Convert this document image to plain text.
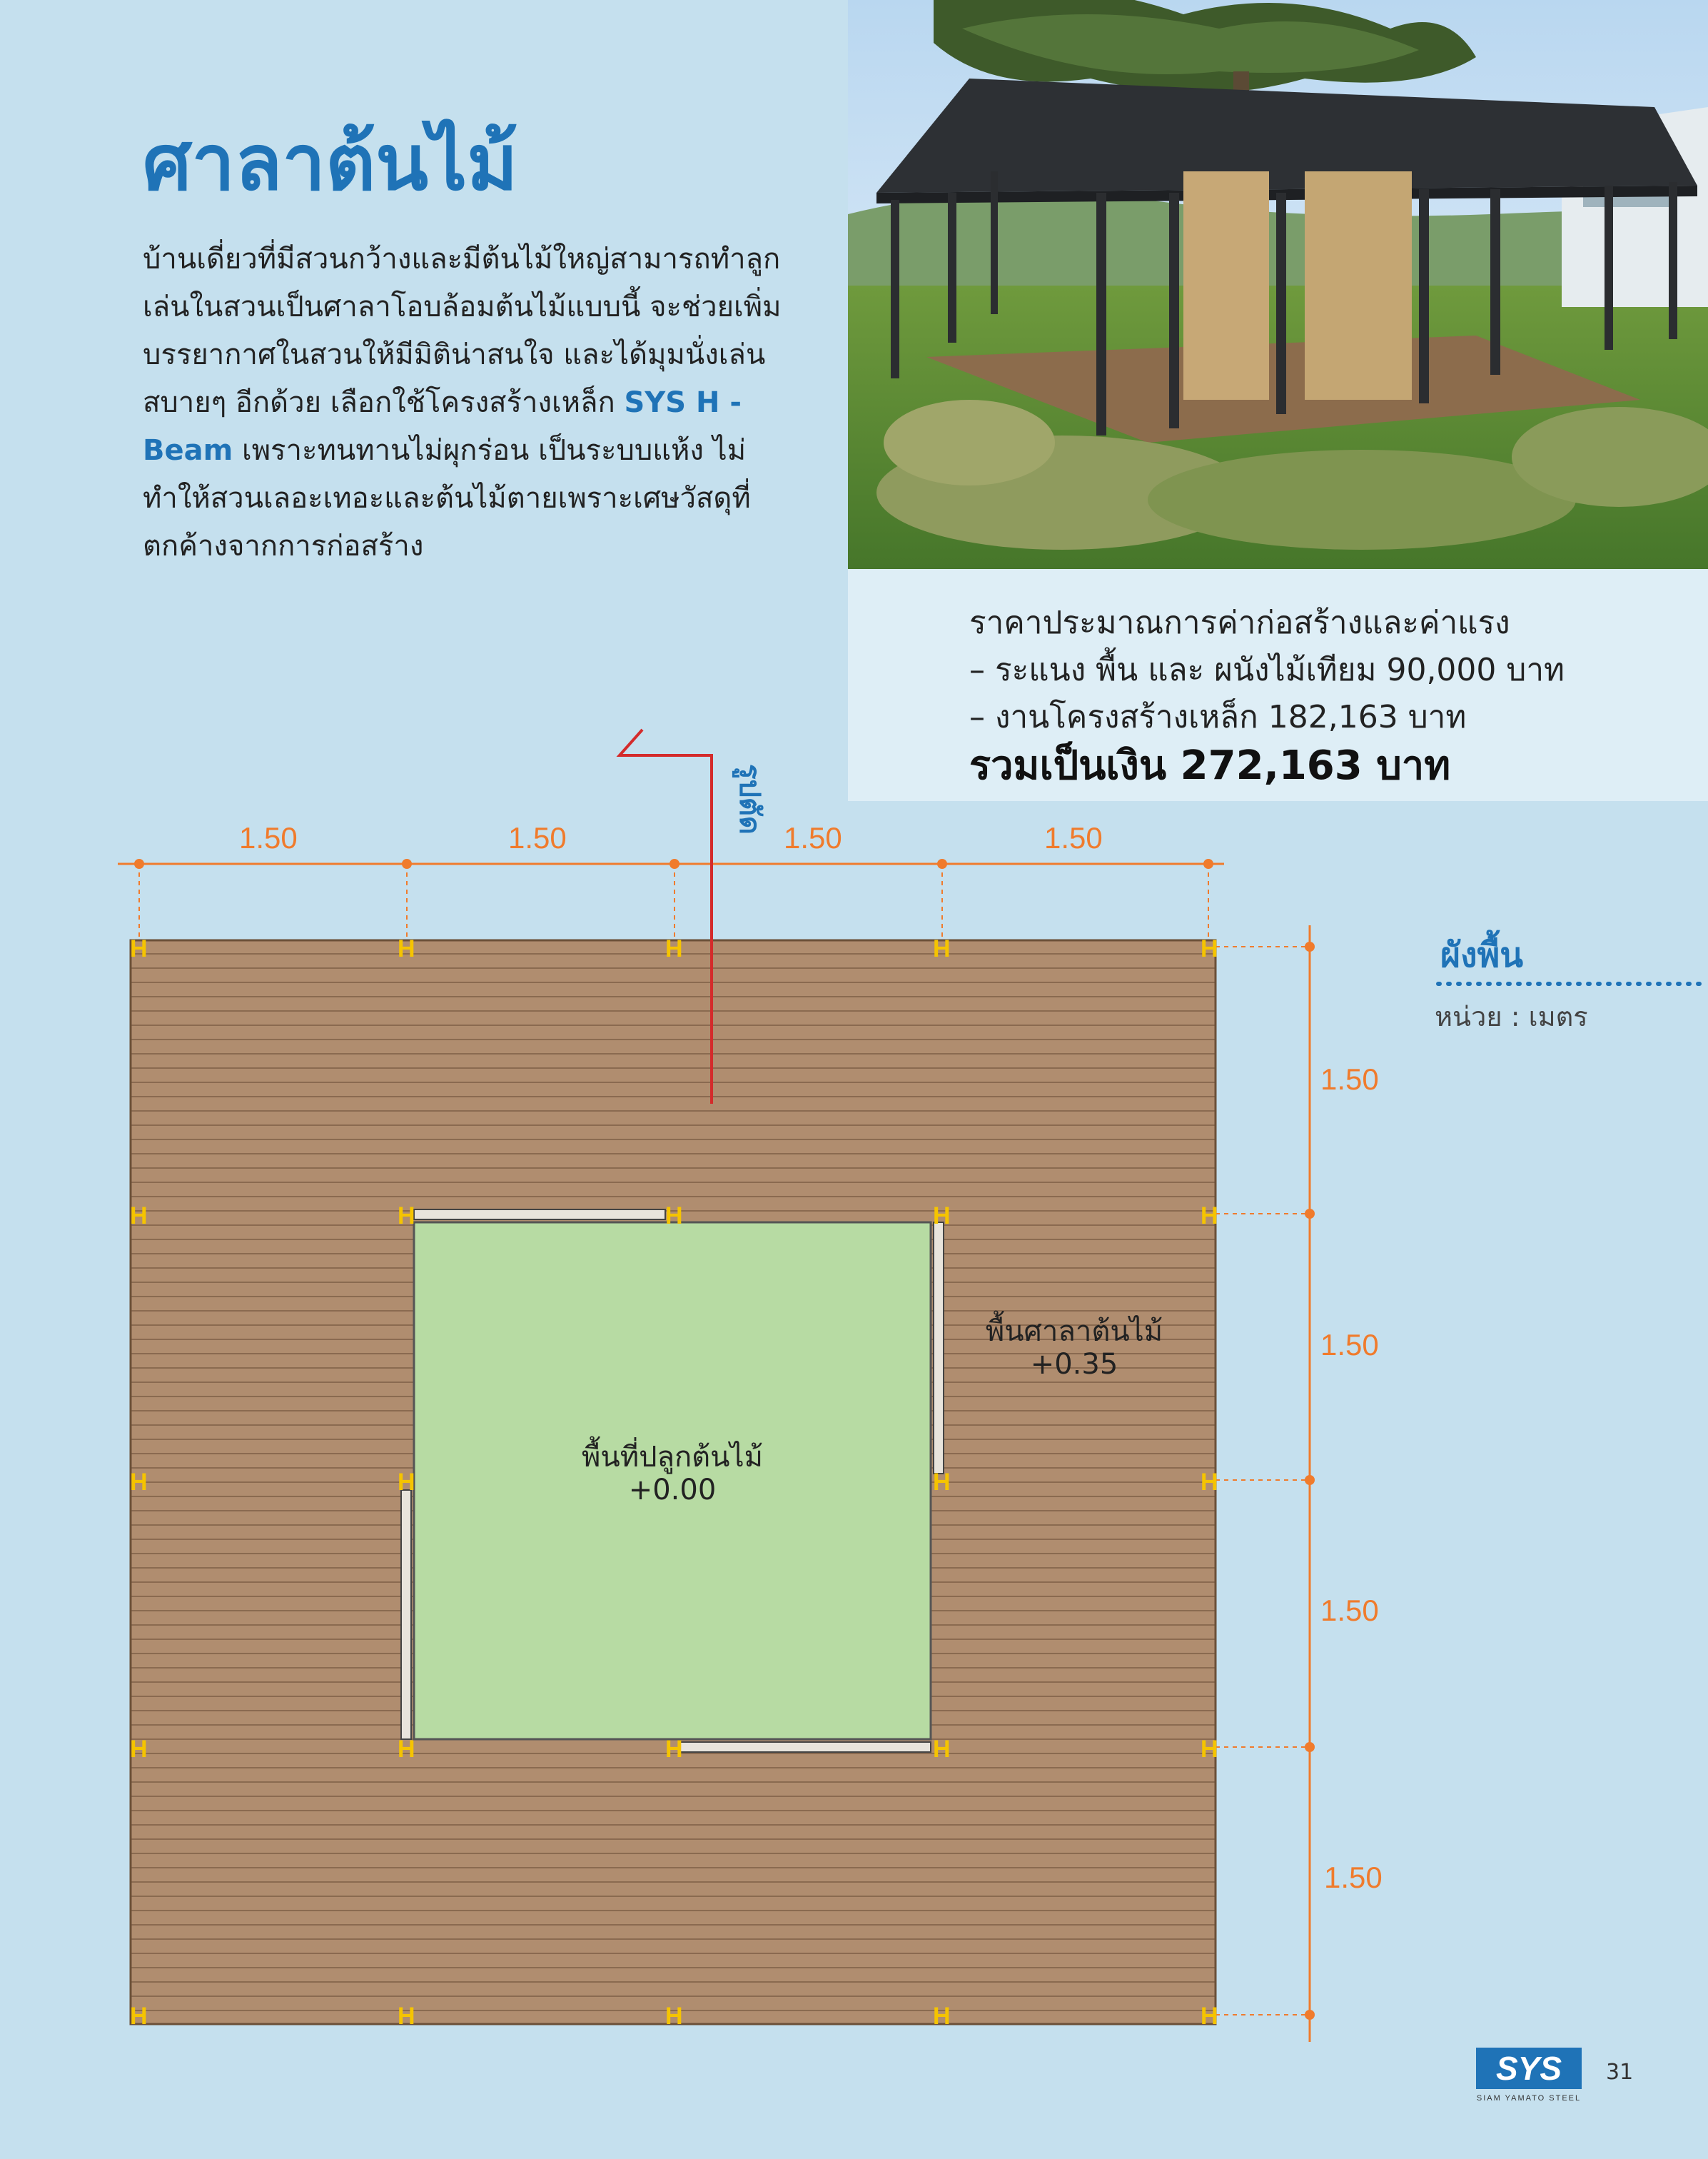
ศาลาต้นไม้
บ้านเดี่ยวที่มีสวนกว้างและมีต้นไม้ใหญ่สามารถทำลูกเล่นในสวนเป็นศาลาโอบล้อมต้นไม้แบบนี้ จะช่วยเพิ่มบรรยากาศในสวนให้มีมิติน่าสนใจ และได้มุมนั่งเล่นสบายๆ อีกด้วย เลือกใช้โครงสร้างเหล็ก SYS H - Beam เพราะทนทานไม่ผุกร่อน เป็นระบบแห้ง ไม่ทำให้สวนเลอะเทอะและต้นไม้ตายเพราะเศษวัสดุที่ตกค้างจากการก่อสร้าง
ราคาประมาณการค่าก่อสร้างและค่าแรง
– ระแนง พื้น และ ผนังไม้เทียม 90,000 บาท
– งานโครงสร้างเหล็ก 182,163 บาท
รวมเป็นเงิน 272,163 บาท
H	H	H	H	H
H	H	H	H	H
H	H	H	H
H	H	H	H	H
H	H	H	H	H
SYS
SIAM YAMATO STEEL
1.50	1.50	1.50	1.50
1.50
1.50
1.50
1.50
รูปตัด
พื้นศาลาต้นไม้
+0.35
พื้นที่ปลูกต้นไม้
+0.00
ผังพื้น
หน่วย : เมตร
31
